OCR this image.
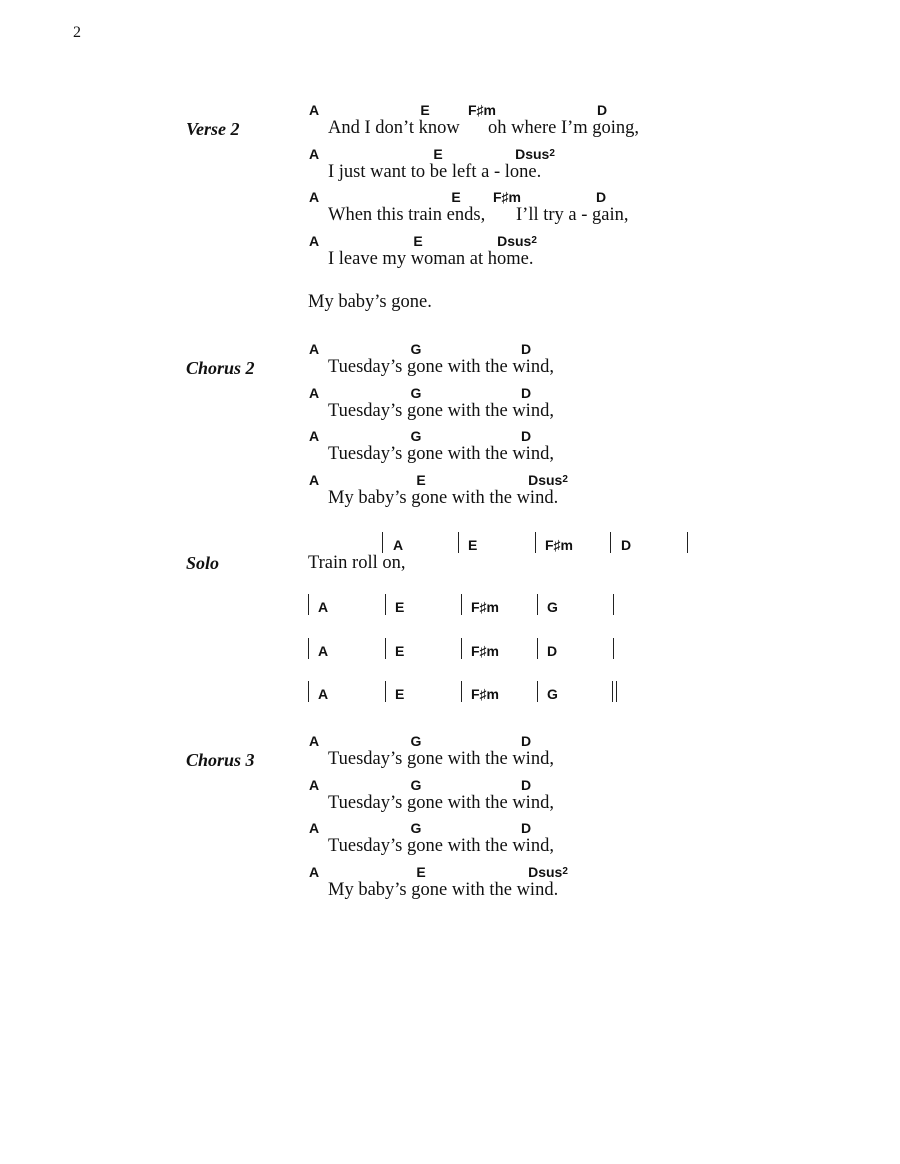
2
Verse 2
A	E	F♯m	D
And I don’t know oh where I’m going,
A	E	Dsus$^2$
I just want to be left a - lone.
A	E F♯m	D
When this train ends, I’ll try a - gain,
A	E	Dsus$^2$
I leave my woman at home.
My baby’s gone.
Chorus 2
A	G	D
Tuesday’s gone with the wind,
A	G	D
Tuesday’s gone with the wind,
A	G	D
Tuesday’s gone with the wind,
A	E	Dsus$^2$
My baby’s gone with the wind.
Solo	Train roll on,
A	E	F♯m	D
A	E	F♯m	G
A	E	F♯m	D
A	E	F♯m	G
Chorus 3
A	G	D
Tuesday’s gone with the wind,
A	G	D
Tuesday’s gone with the wind,
A	G	D
Tuesday’s gone with the wind,
A	E	Dsus$^2$
My baby’s gone with the wind.
